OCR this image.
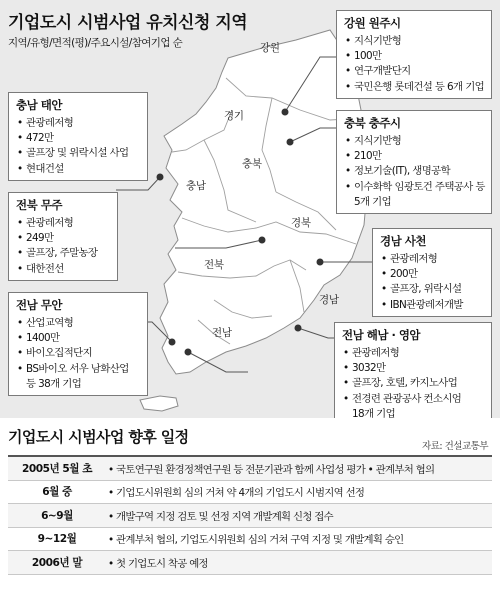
기업도시 시범사업 유치신청 지역
지역/유형/면적(평)/주요시설/참여기업 순	강원
경기
충북
충남
경북
전북
전남
경남
강원 원주시
• 지식기반형
• 100만
• 연구개발단지
• 국민은행 롯데건설 등 6개 기업
충북 충주시
• 지식기반형
• 210만
• 정보기술(IT), 생명공학
• 이수화학 임광토건 주택공사 등
5개 기업
충남 태안
• 관광레저형
• 472만
• 골프장 및 위락시설 사업
• 현대건설
전북 무주
• 관광레저형
• 249만
• 골프장, 주말농장
• 대한전선
경남 사천
• 관광레저형
• 200만
• 골프장, 위락시설
• IBN관광레저개발
전남 무안
• 산업교역형
• 1400만
• 바이오집적단지
• BS바이오 서우 남화산업
등 38개 기업
전남 해남 · 영암
• 관광레저형
• 3032만
• 골프장, 호텔, 카지노사업
• 전경련 관광공사 컨소시엄
18개 기업
기업도시 시범사업 향후 일정
자료: 건설교통부
2005년 5월 초	• 국토연구원 환경정책연구원 등 전문기관과 함께 사업성 평가 • 관계부처 협의
6월 중	• 기업도시위원회 심의 거쳐 약 4개의 기업도시 시범지역 선정
6~9월	• 개발구역 지정 검토 및 선정 지역 개발계획 신청 접수
9~12월	• 관계부처 협의, 기업도시위원회 심의 거쳐 구역 지정 및 개발계획 승인
2006년 말	• 첫 기업도시 착공 예정
